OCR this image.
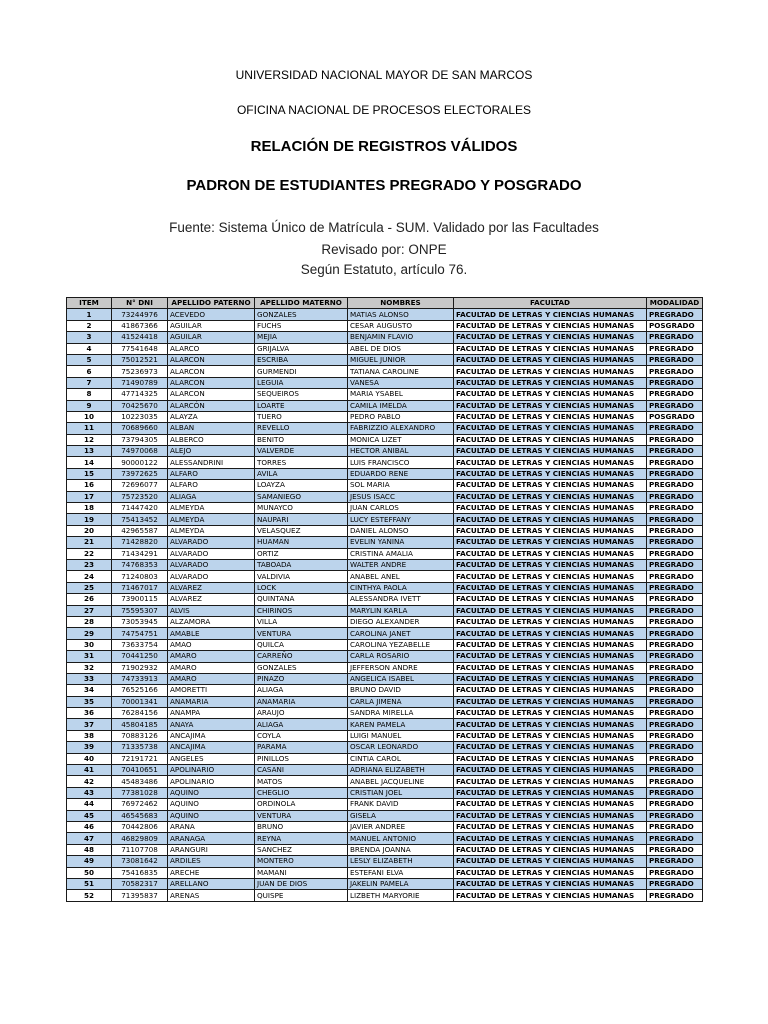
UNIVERSIDAD NACIONAL MAYOR DE SAN MARCOS
OFICINA NACIONAL DE PROCESOS ELECTORALES
RELACIÓN DE REGISTROS VÁLIDOS
PADRON DE ESTUDIANTES PREGRADO Y POSGRADO
Fuente: Sistema Único de Matrícula - SUM. Validado por las Facultades
Revisado por: ONPE
Según Estatuto, artículo 76.
ITEM	N° DNI	APELLIDO PATERNO	APELLIDO MATERNO	NOMBRES	FACULTAD	MODALIDAD
1	73244976	ACEVEDO	GONZALES	MATIAS ALONSO	FACULTAD DE LETRAS Y CIENCIAS HUMANAS	PREGRADO
2	41867366	AGUILAR	FUCHS	CESAR AUGUSTO	FACULTAD DE LETRAS Y CIENCIAS HUMANAS	POSGRADO
3	41524418	AGUILAR	MEJIA	BENJAMIN FLAVIO	FACULTAD DE LETRAS Y CIENCIAS HUMANAS	PREGRADO
4	77541648	ALARCO	GRIJALVA	ABEL DE DIOS	FACULTAD DE LETRAS Y CIENCIAS HUMANAS	PREGRADO
5	75012521	ALARCON	ESCRIBA	MIGUEL JUNIOR	FACULTAD DE LETRAS Y CIENCIAS HUMANAS	PREGRADO
6	75236973	ALARCON	GURMENDI	TATIANA CAROLINE	FACULTAD DE LETRAS Y CIENCIAS HUMANAS	PREGRADO
7	71490789	ALARCON	LEGUIA	VANESA	FACULTAD DE LETRAS Y CIENCIAS HUMANAS	PREGRADO
8	47714325	ALARCON	SEQUEIROS	MARIA YSABEL	FACULTAD DE LETRAS Y CIENCIAS HUMANAS	PREGRADO
9	70425670	ALARCÓN	LOARTE	CAMILA IMELDA	FACULTAD DE LETRAS Y CIENCIAS HUMANAS	PREGRADO
10	10223035	ALAYZA	TUERO	PEDRO PABLO	FACULTAD DE LETRAS Y CIENCIAS HUMANAS	POSGRADO
11	70689660	ALBAN	REVELLO	FABRIZZIO ALEXANDRO	FACULTAD DE LETRAS Y CIENCIAS HUMANAS	PREGRADO
12	73794305	ALBERCO	BENITO	MONICA LIZET	FACULTAD DE LETRAS Y CIENCIAS HUMANAS	PREGRADO
13	74970068	ALEJO	VALVERDE	HECTOR ANIBAL	FACULTAD DE LETRAS Y CIENCIAS HUMANAS	PREGRADO
14	90000122	ALESSANDRINI	TORRES	LUIS FRANCISCO	FACULTAD DE LETRAS Y CIENCIAS HUMANAS	PREGRADO
15	73972625	ALFARO	AVILA	EDUARDO RENE	FACULTAD DE LETRAS Y CIENCIAS HUMANAS	PREGRADO
16	72696077	ALFARO	LOAYZA	SOL MARIA	FACULTAD DE LETRAS Y CIENCIAS HUMANAS	PREGRADO
17	75723520	ALIAGA	SAMANIEGO	JESUS ISACC	FACULTAD DE LETRAS Y CIENCIAS HUMANAS	PREGRADO
18	71447420	ALMEYDA	MUNAYCO	JUAN CARLOS	FACULTAD DE LETRAS Y CIENCIAS HUMANAS	PREGRADO
19	75413452	ALMEYDA	NAUPARI	LUCY ESTEFFANY	FACULTAD DE LETRAS Y CIENCIAS HUMANAS	PREGRADO
20	42965587	ALMEYDA	VELASQUEZ	DANIEL ALONSO	FACULTAD DE LETRAS Y CIENCIAS HUMANAS	PREGRADO
21	71428820	ALVARADO	HUAMAN	EVELIN YANINA	FACULTAD DE LETRAS Y CIENCIAS HUMANAS	PREGRADO
22	71434291	ALVARADO	ORTIZ	CRISTINA AMALIA	FACULTAD DE LETRAS Y CIENCIAS HUMANAS	PREGRADO
23	74768353	ALVARADO	TABOADA	WALTER ANDRE	FACULTAD DE LETRAS Y CIENCIAS HUMANAS	PREGRADO
24	71240803	ALVARADO	VALDIVIA	ANABEL ANEL	FACULTAD DE LETRAS Y CIENCIAS HUMANAS	PREGRADO
25	71467017	ALVAREZ	LOCK	CINTHYA PAOLA	FACULTAD DE LETRAS Y CIENCIAS HUMANAS	PREGRADO
26	73900115	ALVAREZ	QUINTANA	ALESSANDRA IVETT	FACULTAD DE LETRAS Y CIENCIAS HUMANAS	PREGRADO
27	75595307	ALVIS	CHIRINOS	MARYLIN KARLA	FACULTAD DE LETRAS Y CIENCIAS HUMANAS	PREGRADO
28	73053945	ALZAMORA	VILLA	DIEGO ALEXANDER	FACULTAD DE LETRAS Y CIENCIAS HUMANAS	PREGRADO
29	74754751	AMABLE	VENTURA	CAROLINA JANET	FACULTAD DE LETRAS Y CIENCIAS HUMANAS	PREGRADO
30	73633754	AMAO	QUILCA	CAROLINA YEZABELLE	FACULTAD DE LETRAS Y CIENCIAS HUMANAS	PREGRADO
31	70441250	AMARO	CARREÑO	CARLA ROSARIO	FACULTAD DE LETRAS Y CIENCIAS HUMANAS	PREGRADO
32	71902932	AMARO	GONZALES	JEFFERSON ANDRE	FACULTAD DE LETRAS Y CIENCIAS HUMANAS	PREGRADO
33	74733913	AMARO	PINAZO	ANGELICA ISABEL	FACULTAD DE LETRAS Y CIENCIAS HUMANAS	PREGRADO
34	76525166	AMORETTI	ALIAGA	BRUNO DAVID	FACULTAD DE LETRAS Y CIENCIAS HUMANAS	PREGRADO
35	70001341	ANAMARIA	ANAMARIA	CARLA JIMENA	FACULTAD DE LETRAS Y CIENCIAS HUMANAS	PREGRADO
36	76284156	ANAMPA	ARAUJO	SANDRA MIRELLA	FACULTAD DE LETRAS Y CIENCIAS HUMANAS	PREGRADO
37	45804185	ANAYA	ALIAGA	KAREN PAMELA	FACULTAD DE LETRAS Y CIENCIAS HUMANAS	PREGRADO
38	70883126	ANCAJIMA	COYLA	LUIGI MANUEL	FACULTAD DE LETRAS Y CIENCIAS HUMANAS	PREGRADO
39	71335738	ANCAJIMA	PARAMA	OSCAR LEONARDO	FACULTAD DE LETRAS Y CIENCIAS HUMANAS	PREGRADO
40	72191721	ANGELES	PINILLOS	CINTIA CAROL	FACULTAD DE LETRAS Y CIENCIAS HUMANAS	PREGRADO
41	70410651	APOLINARIO	CASANI	ADRIANA ELIZABETH	FACULTAD DE LETRAS Y CIENCIAS HUMANAS	PREGRADO
42	45483486	APOLINARIO	MATOS	ANABEL JACQUELINE	FACULTAD DE LETRAS Y CIENCIAS HUMANAS	PREGRADO
43	77381028	AQUINO	CHEGLIO	CRISTIAN JOEL	FACULTAD DE LETRAS Y CIENCIAS HUMANAS	PREGRADO
44	76972462	AQUINO	ORDINOLA	FRANK DAVID	FACULTAD DE LETRAS Y CIENCIAS HUMANAS	PREGRADO
45	46545683	AQUINO	VENTURA	GISELA	FACULTAD DE LETRAS Y CIENCIAS HUMANAS	PREGRADO
46	70442806	ARANA	BRUNO	JAVIER ANDREE	FACULTAD DE LETRAS Y CIENCIAS HUMANAS	PREGRADO
47	46829809	ARANAGA	REYNA	MANUEL ANTONIO	FACULTAD DE LETRAS Y CIENCIAS HUMANAS	PREGRADO
48	71107708	ARANGURI	SANCHEZ	BRENDA JOANNA	FACULTAD DE LETRAS Y CIENCIAS HUMANAS	PREGRADO
49	73081642	ARDILES	MONTERO	LESLY ELIZABETH	FACULTAD DE LETRAS Y CIENCIAS HUMANAS	PREGRADO
50	75416835	ARECHE	MAMANI	ESTEFANI ELVA	FACULTAD DE LETRAS Y CIENCIAS HUMANAS	PREGRADO
51	70582317	ARELLANO	JUAN DE DIOS	JAKELIN PAMELA	FACULTAD DE LETRAS Y CIENCIAS HUMANAS	PREGRADO
52	71395837	ARENAS	QUISPE	LIZBETH MARYORIE	FACULTAD DE LETRAS Y CIENCIAS HUMANAS	PREGRADO
